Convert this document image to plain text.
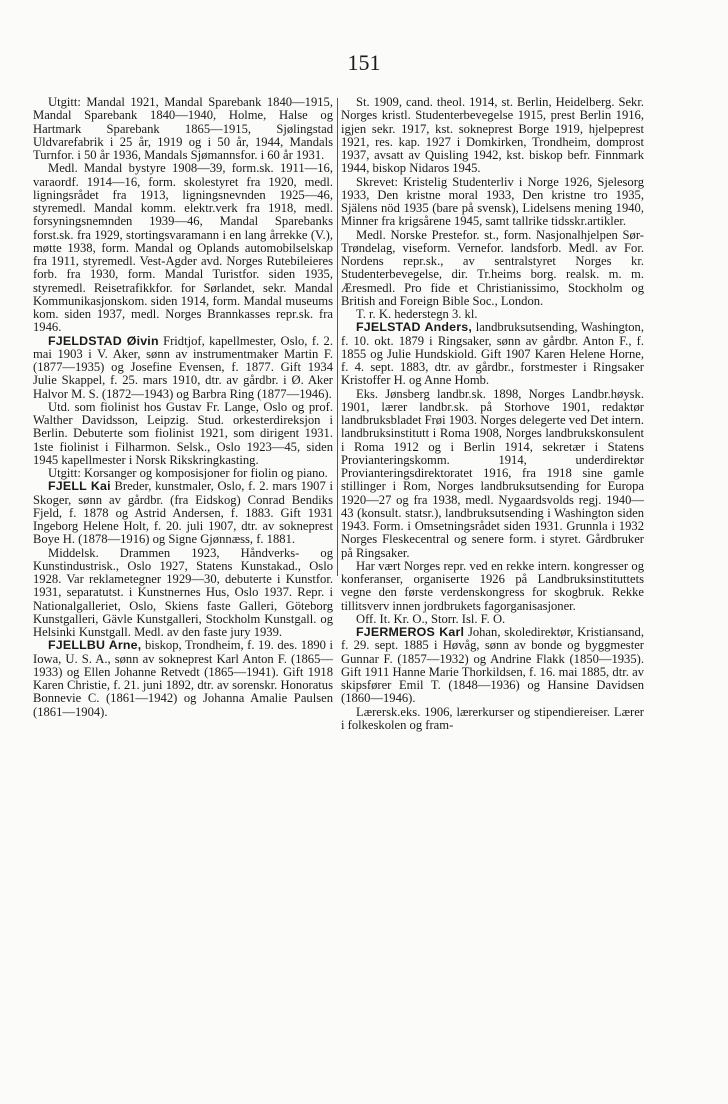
151

Utgitt: Mandal 1921, Mandal Sparebank 1840—1915, Mandal Sparebank 1840—1940, Holme, Halse og Hartmark Sparebank 1865—1915, Sjølingstad Uldvarefabrik i 25 år, 1919 og i 50 år, 1944, Mandals Turnfor. i 50 år 1936, Mandals Sjømannsfor. i 60 år 1931.

Medl. Mandal bystyre 1908—39, form.sk. 1911—16, varaordf. 1914—16, form. skolestyret fra 1920, medl. ligningsrådet fra 1913, ligningsnevnden 1925—46, styremedl. Mandal komm. elektr.verk fra 1918, medl. forsyningsnemnden 1939—46, Mandal Sparebanks forst.sk. fra 1929, stortingsvaramann i en lang årrekke (V.), møtte 1938, form. Mandal og Oplands automobilselskap fra 1911, styremedl. Vest-Agder avd. Norges Rutebileieres forb. fra 1930, form. Mandal Turistfor. siden 1935, styremedl. Reisetrafikkfor. for Sørlandet, sekr. Mandal Kommunikasjonskom. siden 1914, form. Mandal museums kom. siden 1937, medl. Norges Brannkasses repr.sk. fra 1946.

FJELDSTAD Øivin Fridtjof, kapellmester, Oslo, f. 2. mai 1903 i V. Aker, sønn av instrumentmaker Martin F. (1877—1935) og Josefine Evensen, f. 1877. Gift 1934 Julie Skappel, f. 25. mars 1910, dtr. av gårdbr. i Ø. Aker Halvor M. S. (1872—1943) og Barbra Ring (1877—1946).

Utd. som fiolinist hos Gustav Fr. Lange, Oslo og prof. Walther Davidsson, Leipzig. Stud. orkesterdireksjon i Berlin. Debuterte som fiolinist 1921, som dirigent 1931. 1ste fiolinist i Filharmon. Selsk., Oslo 1923—45, siden 1945 kapellmester i Norsk Rikskringkasting.

Utgitt: Korsanger og komposisjoner for fiolin og piano.

FJELL Kai Breder, kunstmaler, Oslo, f. 2. mars 1907 i Skoger, sønn av gårdbr. (fra Eidskog) Conrad Bendiks Fjeld, f. 1878 og Astrid Andersen, f. 1883. Gift 1931 Ingeborg Helene Holt, f. 20. juli 1907, dtr. av sokneprest Boye H. (1878—1916) og Signe Gjønnæss, f. 1881.

Middelsk. Drammen 1923, Håndverks- og Kunstindustrisk., Oslo 1927, Statens Kunstakad., Oslo 1928. Var reklametegner 1929—30, debuterte i Kunstfor. 1931, separatutst. i Kunstnernes Hus, Oslo 1937. Repr. i Nationalgalleriet, Oslo, Skiens faste Galleri, Göteborg Kunstgalleri, Gävle Kunstgalleri, Stockholm Kunstgall. og Helsinki Kunstgall. Medl. av den faste jury 1939.

FJELLBU Arne, biskop, Trondheim, f. 19. des. 1890 i Iowa, U. S. A., sønn av sokneprest Karl Anton F. (1865—1933) og Ellen Johanne Retvedt (1865—1941). Gift 1918 Karen Christie, f. 21. juni 1892, dtr. av sorenskr. Honoratus Bonnevie C. (1861—1942) og Johanna Amalie Paulsen (1861—1904).

St. 1909, cand. theol. 1914, st. Berlin, Heidelberg. Sekr. Norges kristl. Studenterbevegelse 1915, prest Berlin 1916, igjen sekr. 1917, kst. sokneprest Borge 1919, hjelpeprest 1921, res. kap. 1927 i Domkirken, Trondheim, domprost 1937, avsatt av Quisling 1942, kst. biskop befr. Finnmark 1944, biskop Nidaros 1945.

Skrevet: Kristelig Studenterliv i Norge 1926, Sjelesorg 1933, Den kristne moral 1933, Den kristne tro 1935, Själens nöd 1935 (bare på svensk), Lidelsens mening 1940, Minner fra krigsårene 1945, samt tallrike tidsskr.artikler.

Medl. Norske Prestefor. st., form. Nasjonalhjelpen Sør-Trøndelag, viseform. Vernefor. landsforb. Medl. av For. Nordens repr.sk., av sentralstyret Norges kr. Studenterbevegelse, dir. Tr.heims borg. realsk. m. m. Æresmedl. Pro fide et Christianissimo, Stockholm og British and Foreign Bible Soc., London.

T. r. K. hederstegn 3. kl.

FJELSTAD Anders, landbruksutsending, Washington, f. 10. okt. 1879 i Ringsaker, sønn av gårdbr. Anton F., f. 1855 og Julie Hundskiold. Gift 1907 Karen Helene Horne, f. 4. sept. 1883, dtr. av gårdbr., forstmester i Ringsaker Kristoffer H. og Anne Homb.

Eks. Jønsberg landbr.sk. 1898, Norges Landbr.høysk. 1901, lærer landbr.sk. på Storhove 1901, redaktør landbruksbladet Frøi 1903. Norges delegerte ved Det intern. landbruksinstitutt i Roma 1908, Norges landbrukskonsulent i Roma 1912 og i Berlin 1914, sekretær i Statens Provianteringskomm. 1914, underdirektør Provianteringsdirektoratet 1916, fra 1918 sine gamle stillinger i Rom, Norges landbruksutsending for Europa 1920—27 og fra 1938, medl. Nygaardsvolds regj. 1940—43 (konsult. statsr.), landbruksutsending i Washington siden 1943. Form. i Omsetningsrådet siden 1931. Grunnla i 1932 Norges Fleskecentral og senere form. i styret. Gårdbruker på Ringsaker.

Har vært Norges repr. ved en rekke intern. kongresser og konferanser, organiserte 1926 på Landbruksinstituttets vegne den første verdenskongress for skogbruk. Rekke tillitsverv innen jordbrukets fagorganisasjoner.

Off. It. Kr. O., Storr. Isl. F. O.

FJERMEROS Karl Johan, skoledirektør, Kristiansand, f. 29. sept. 1885 i Høvåg, sønn av bonde og byggmester Gunnar F. (1857—1932) og Andrine Flakk (1850—1935). Gift 1911 Hanne Marie Thorkildsen, f. 16. mai 1885, dtr. av skipsfører Emil T. (1848—1936) og Hansine Davidsen (1860—1946).

Lærersk.eks. 1906, lærerkurser og stipendiereiser. Lærer i folkeskolen og fram-
